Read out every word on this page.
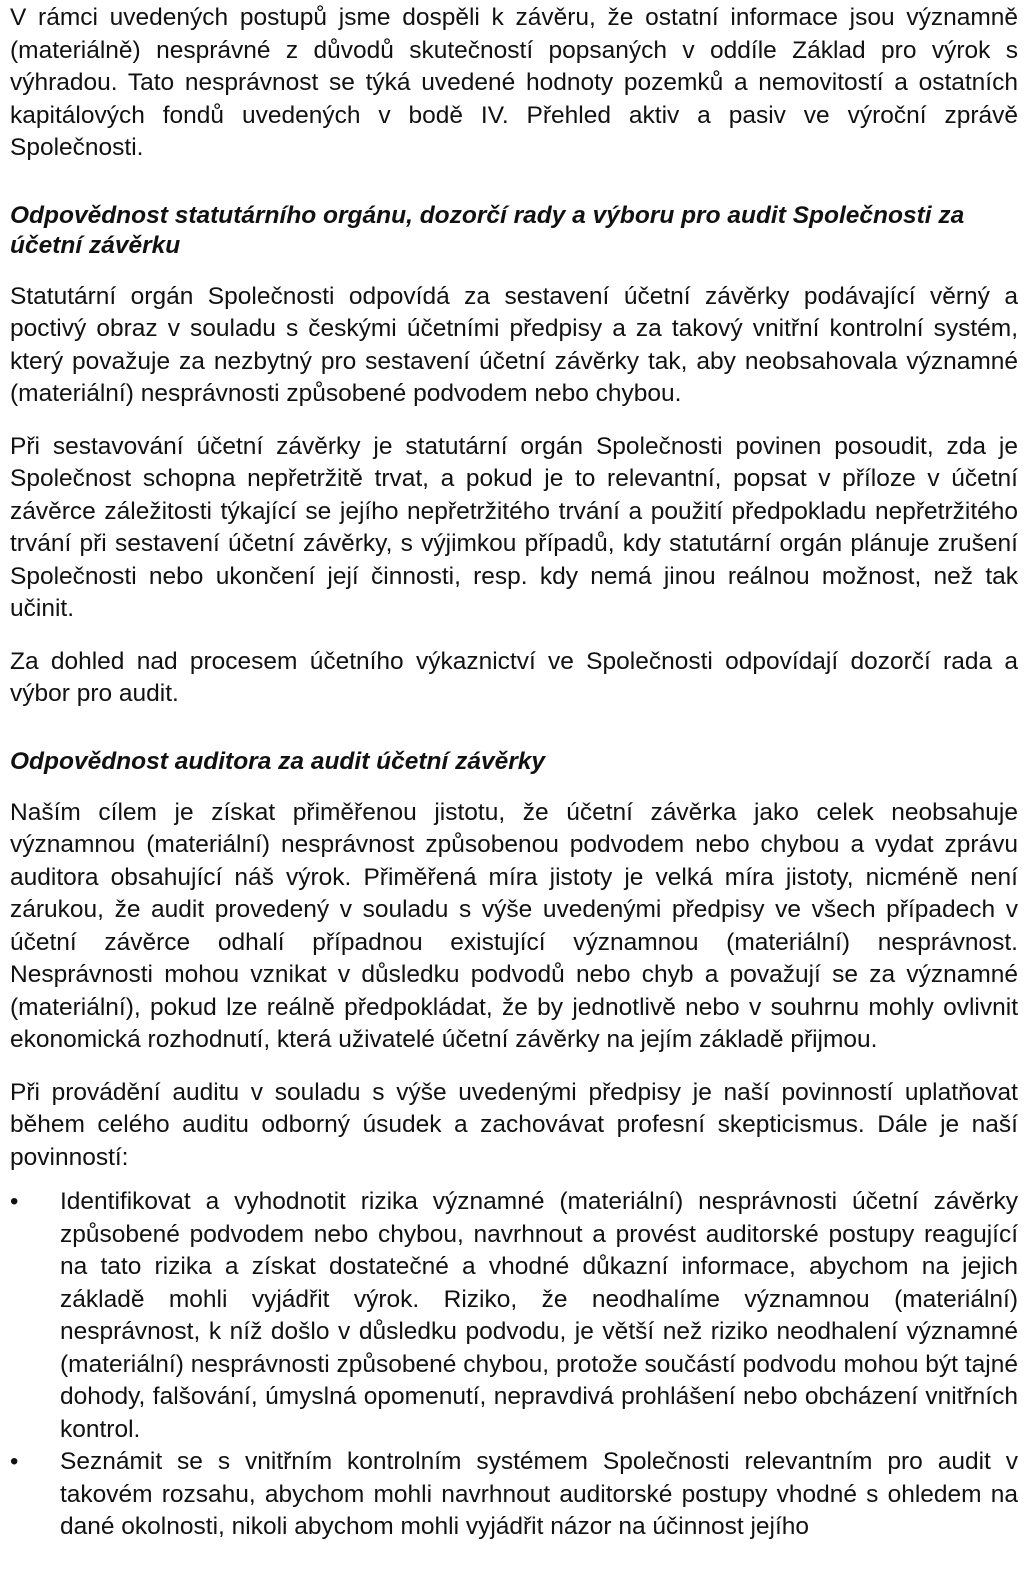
V rámci uvedených postupů jsme dospěli k závěru, že ostatní informace jsou významně (materiálně) nesprávné z důvodů skutečností popsaných v oddíle Základ pro výrok s výhradou. Tato nesprávnost se týká uvedené hodnoty pozemků a nemovitostí a ostatních kapitálových fondů uvedených v bodě IV. Přehled aktiv a pasiv ve výroční zprávě Společnosti.

Odpovědnost statutárního orgánu, dozorčí rady a výboru pro audit Společnosti za účetní závěrku

Statutární orgán Společnosti odpovídá za sestavení účetní závěrky podávající věrný a poctivý obraz v souladu s českými účetními předpisy a za takový vnitřní kontrolní systém, který považuje za nezbytný pro sestavení účetní závěrky tak, aby neobsahovala významné (materiální) nesprávnosti způsobené podvodem nebo chybou.

Při sestavování účetní závěrky je statutární orgán Společnosti povinen posoudit, zda je Společnost schopna nepřetržitě trvat, a pokud je to relevantní, popsat v příloze v účetní závěrce záležitosti týkající se jejího nepřetržitého trvání a použití předpokladu nepřetržitého trvání při sestavení účetní závěrky, s výjimkou případů, kdy statutární orgán plánuje zrušení Společnosti nebo ukončení její činnosti, resp. kdy nemá jinou reálnou možnost, než tak učinit.

Za dohled nad procesem účetního výkaznictví ve Společnosti odpovídají dozorčí rada a výbor pro audit.

Odpovědnost auditora za audit účetní závěrky

Naším cílem je získat přiměřenou jistotu, že účetní závěrka jako celek neobsahuje významnou (materiální) nesprávnost způsobenou podvodem nebo chybou a vydat zprávu auditora obsahující náš výrok. Přiměřená míra jistoty je velká míra jistoty, nicméně není zárukou, že audit provedený v souladu s výše uvedenými předpisy ve všech případech v účetní závěrce odhalí případnou existující významnou (materiální) nesprávnost. Nesprávnosti mohou vznikat v důsledku podvodů nebo chyb a považují se za významné (materiální), pokud lze reálně předpokládat, že by jednotlivě nebo v souhrnu mohly ovlivnit ekonomická rozhodnutí, která uživatelé účetní závěrky na jejím základě přijmou.

Při provádění auditu v souladu s výše uvedenými předpisy je naší povinností uplatňovat během celého auditu odborný úsudek a zachovávat profesní skepticismus. Dále je naší povinností:

• Identifikovat a vyhodnotit rizika významné (materiální) nesprávnosti účetní závěrky způsobené podvodem nebo chybou, navrhnout a provést auditorské postupy reagující na tato rizika a získat dostatečné a vhodné důkazní informace, abychom na jejich základě mohli vyjádřit výrok. Riziko, že neodhalíme významnou (materiální) nesprávnost, k níž došlo v důsledku podvodu, je větší než riziko neodhalení významné (materiální) nesprávnosti způsobené chybou, protože součástí podvodu mohou být tajné dohody, falšování, úmyslná opomenutí, nepravdivá prohlášení nebo obcházení vnitřních kontrol.
• Seznámit se s vnitřním kontrolním systémem Společnosti relevantním pro audit v takovém rozsahu, abychom mohli navrhnout auditorské postupy vhodné s ohledem na dané okolnosti, nikoli abychom mohli vyjádřit názor na účinnost jejího
